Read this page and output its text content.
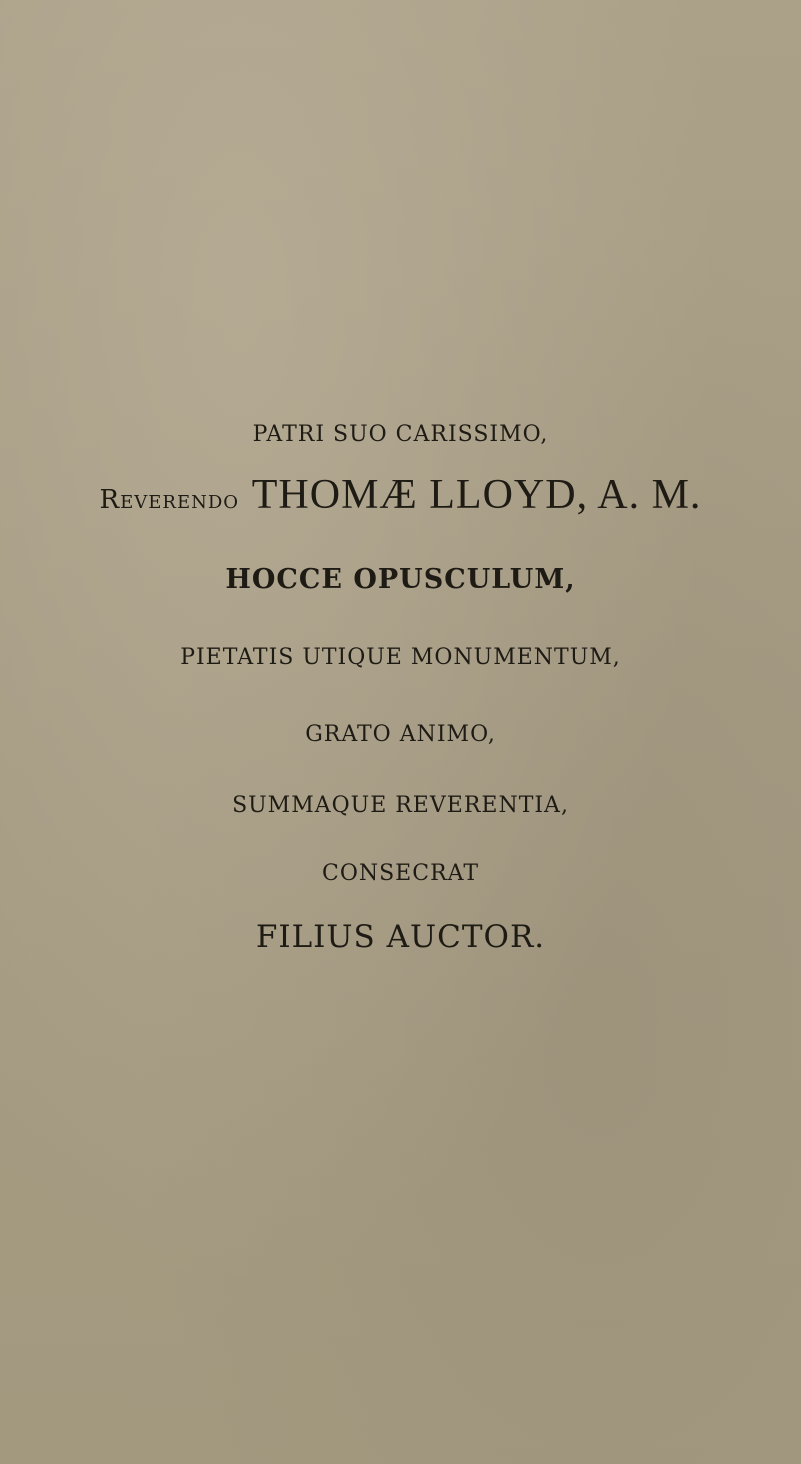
PATRI SUO CARISSIMO,
Reverendo THOMÆ LLOYD, A. M.
HOCCE OPUSCULUM,
PIETATIS UTIQUE MONUMENTUM,
GRATO ANIMO,
SUMMAQUE REVERENTIA,
CONSECRAT
FILIUS AUCTOR.
